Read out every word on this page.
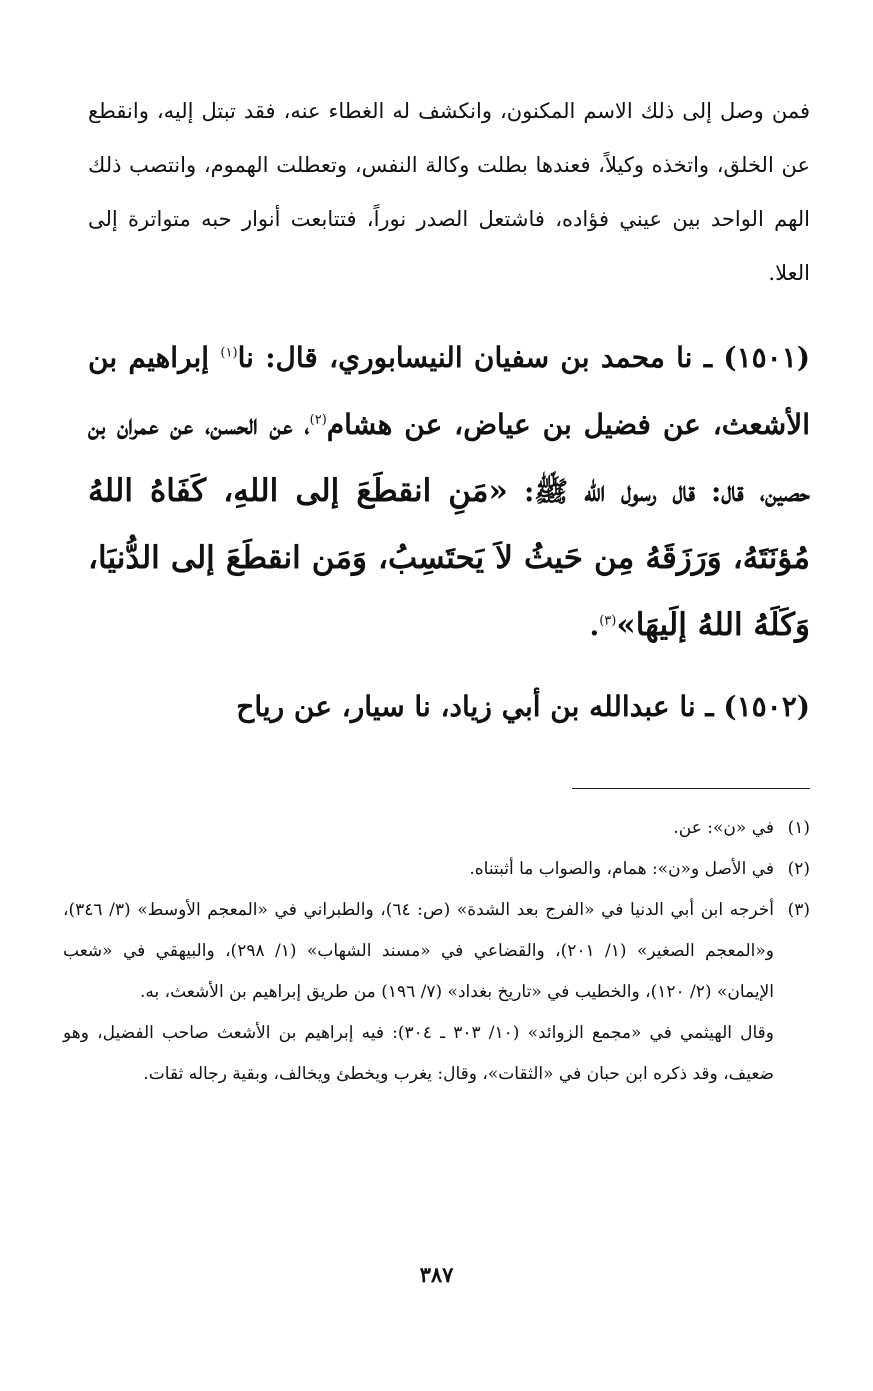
فمن وصل إلى ذلك الاسم المكنون، وانكشف له الغطاء عنه، فقد تبتل إليه، وانقطع عن الخلق، واتخذه وكيلاً، فعندها بطلت وكالة النفس، وتعطلت الهموم، وانتصب ذلك الهم الواحد بين عيني فؤاده، فاشتعل الصدر نوراً، فتتابعت أنوار حبه متواترة إلى العلا.

(١٥٠١) ـ نا محمد بن سفيان النيسابوري، قال: نا$^{(١)}$ إبراهيم بن الأشعث، عن فضيل بن عياض، عن هشام$^{(٢)}$، عن الحسن، عن عمران بن حصين، قال: قال رسول الله ﷺ: «مَنِ انقطَعَ إلى اللهِ، كَفَاهُ اللهُ مُؤنَتَهُ، وَرَزَقَهُ مِن حَيثُ لاَ يَحتَسِبُ، وَمَن انقطَعَ إلى الدُّنيَا، وَكَلَهُ اللهُ إلَيهَا»$^{(٣)}$.

(١٥٠٢) ـ نا عبدالله بن أبي زياد، نا سيار، عن رياح

(١)
في «ن»: عن.
(٢)
في الأصل و«ن»: همام، والصواب ما أثبتناه.
(٣)
أخرجه ابن أبي الدنيا في «الفرج بعد الشدة» (ص: ٦٤)، والطبراني في «المعجم الأوسط» (٣/ ٣٤٦)، و«المعجم الصغير» (١/ ٢٠١)، والقضاعي في «مسند الشهاب» (١/ ٢٩٨)، والبيهقي في «شعب الإيمان» (٢/ ١٢٠)، والخطيب في «تاريخ بغداد» (٧/ ١٩٦) من طريق إبراهيم بن الأشعث، به.
وقال الهيثمي في «مجمع الزوائد» (١٠/ ٣٠٣ ـ ٣٠٤): فيه إبراهيم بن الأشعث صاحب الفضيل، وهو ضعيف، وقد ذكره ابن حبان في «الثقات»، وقال: يغرب ويخطئ ويخالف، وبقية رجاله ثقات.
٣٨٧
